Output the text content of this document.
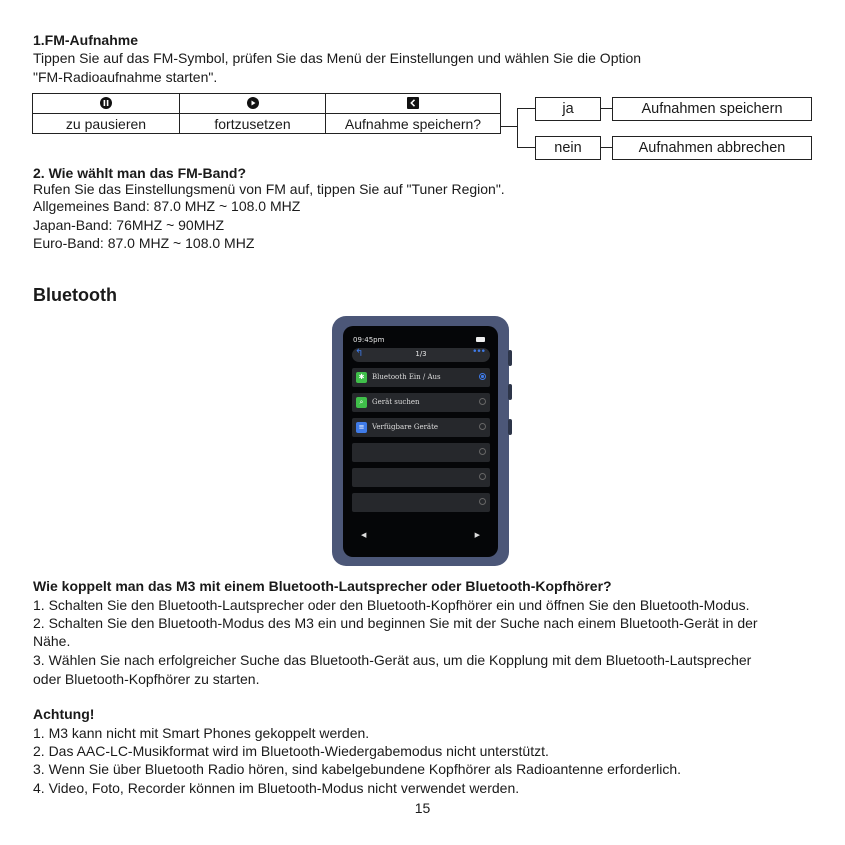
1.FM-Aufnahme
Tippen Sie auf das FM-Symbol, prüfen Sie das Menü der Einstellungen und wählen Sie die Option
"FM-Radioaufnahme starten".

zu pausieren	fortzusetzen	Aufnahme speichern?
ja	Aufnahmen speichern
nein	Aufnahmen abbrechen
2. Wie wählt man das FM-Band?
Rufen Sie das Einstellungsmenü von FM auf, tippen Sie auf "Tuner Region".
Allgemeines Band: 87.0 MHZ ~ 108.0 MHZ
Japan-Band: 76MHZ ~ 90MHZ
Euro-Band: 87.0 MHZ ~ 108.0 MHZ
Bluetooth
09:45pm
↰	1/3	•••
✱	Bluetooth Ein / Aus
⌕	Gerät suchen
≡	Verfügbare Geräte
◀	▶
Wie koppelt man das M3 mit einem Bluetooth-Lautsprecher oder Bluetooth-Kopfhörer?
1. Schalten Sie den Bluetooth-Lautsprecher oder den Bluetooth-Kopfhörer ein und öffnen Sie den Bluetooth-Modus.
2. Schalten Sie den Bluetooth-Modus des M3 ein und beginnen Sie mit der Suche nach einem Bluetooth-Gerät in der
Nähe.
3. Wählen Sie nach erfolgreicher Suche das Bluetooth-Gerät aus, um die Kopplung mit dem Bluetooth-Lautsprecher
oder Bluetooth-Kopfhörer zu starten.
Achtung!
1. M3 kann nicht mit Smart Phones gekoppelt werden.
2. Das AAC-LC-Musikformat wird im Bluetooth-Wiedergabemodus nicht unterstützt.
3. Wenn Sie über Bluetooth Radio hören, sind kabelgebundene Kopfhörer als Radioantenne erforderlich.
4. Video, Foto, Recorder können im Bluetooth-Modus nicht verwendet werden.
15
